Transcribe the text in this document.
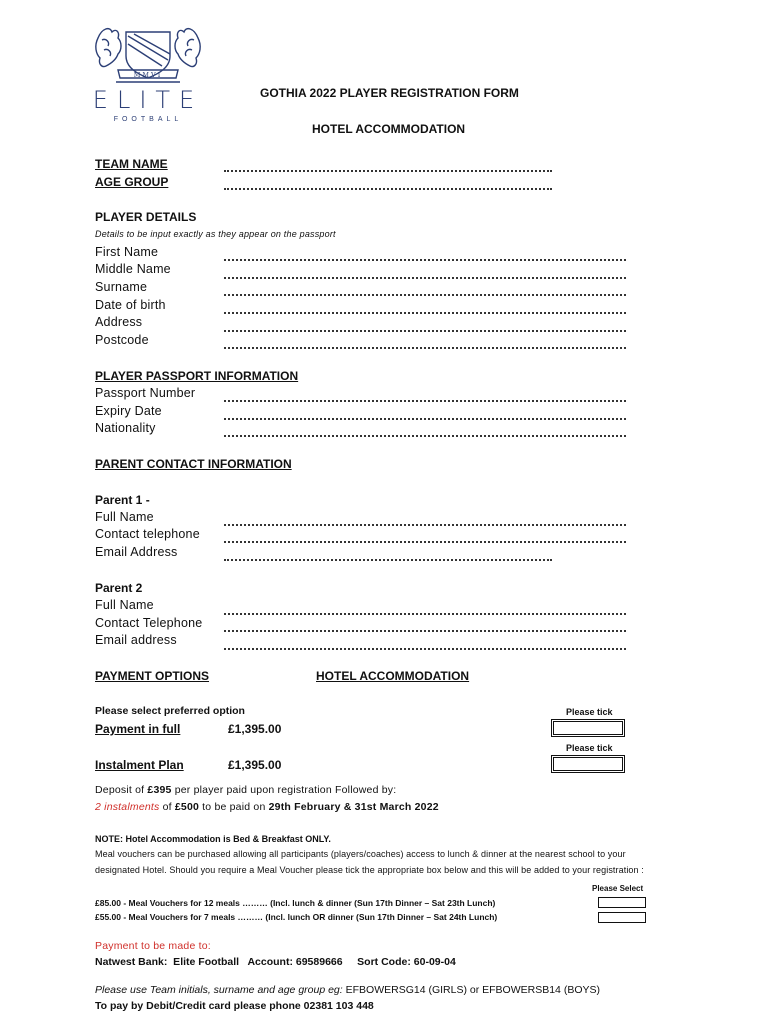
MMVI
ELITE
FOOTBALL
GOTHIA 2022 PLAYER REGISTRATION FORM
HOTEL ACCOMMODATION
TEAM NAME
AGE GROUP
PLAYER DETAILS
Details to be input exactly as they appear on the passport
First Name
Middle Name
Surname
Date of birth
Address
Postcode
PLAYER PASSPORT INFORMATION
Passport Number
Expiry Date
Nationality
PARENT CONTACT INFORMATION
Parent 1 -
Full Name
Contact telephone
Email Address
Parent 2
Full Name
Contact Telephone
Email address
PAYMENT OPTIONS	HOTEL ACCOMMODATION
Please select preferred option	Please tick
Payment in full	£1,395.00
Please tick
Instalment Plan	£1,395.00
Deposit of £395 per player paid upon registration Followed by:
2 instalments of £500 to be paid on 29th February & 31st March 2022
NOTE: Hotel Accommodation is Bed & Breakfast ONLY.
Meal vouchers can be purchased allowing all participants (players/coaches) access to lunch & dinner at the nearest school to your
designated Hotel. Should you require a Meal Voucher please tick the appropriate box below and this will be added to your registration :
Please Select
£85.00 - Meal Vouchers for 12 meals ……… (Incl. lunch & dinner (Sun 17th Dinner – Sat 23th Lunch)
£55.00 - Meal Vouchers for 7 meals ……… (Incl. lunch OR dinner (Sun 17th Dinner – Sat 24th Lunch)
Payment to be made to:
Natwest Bank:  Elite Football   Account: 69589666     Sort Code: 60-09-04
Please use Team initials, surname and age group eg: EFBOWERSG14 (GIRLS) or EFBOWERSB14 (BOYS)
To pay by Debit/Credit card please phone 02381 103 448
